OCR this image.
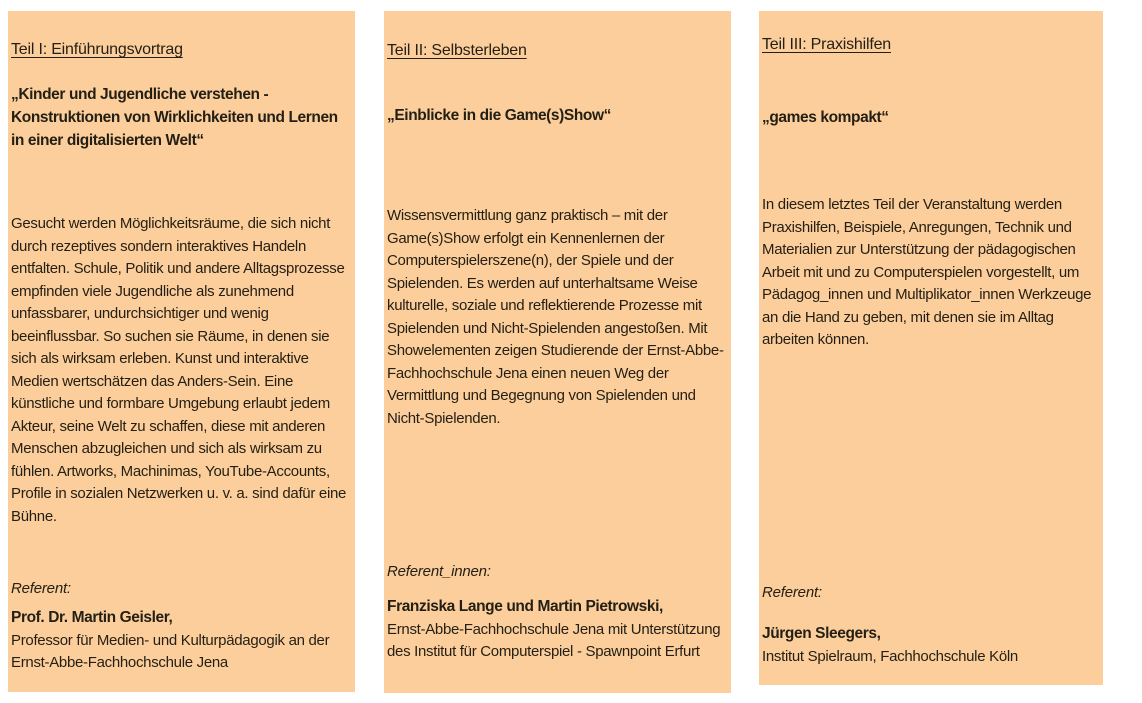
Teil I: Einführungsvortrag
„Kinder und Jugendliche verstehen - Konstruktionen von Wirklichkeiten und Lernen in einer digitalisierten Welt“

Gesucht werden Möglichkeitsräume, die sich nicht durch rezeptives sondern interaktives Handeln entfalten. Schule, Politik und andere Alltagsprozesse empfinden viele Jugendliche als zunehmend unfassbarer, undurchsichtiger und wenig beeinflussbar. So suchen sie Räume, in denen sie sich als wirksam erleben. Kunst und interaktive Medien wertschätzen das Anders-Sein. Eine künstliche und formbare Umgebung erlaubt jedem Akteur, seine Welt zu schaffen, diese mit anderen Menschen abzugleichen und sich als wirksam zu fühlen. Artworks, Machinimas, YouTube-Accounts, Profile in sozialen Netzwerken u. v. a. sind dafür eine Bühne.

Referent:

Prof. Dr. Martin Geisler,
Professor für Medien- und Kulturpädagogik an der Ernst-Abbe-Fachhochschule Jena

Teil II: Selbsterleben
„Einblicke in die Game(s)Show“

Wissensvermittlung ganz praktisch – mit der Game(s)Show erfolgt ein Kennenlernen der Computerspielerszene(n), der Spiele und der Spielenden. Es werden auf unterhaltsame Weise kulturelle, soziale und reflektierende Prozesse mit Spielenden und Nicht-Spielenden angestoßen. Mit Showelementen zeigen Studierende der Ernst-Abbe-Fachhochschule Jena einen neuen Weg der Vermittlung und Begegnung von Spielenden und Nicht-Spielenden.

Referent_innen:

Franziska Lange und Martin Pietrowski,
Ernst-Abbe-Fachhochschule Jena mit Unterstützung des Institut für Computerspiel - Spawnpoint Erfurt

Teil III: Praxishilfen
„games kompakt“

In diesem letztes Teil der Veranstaltung werden Praxishilfen, Beispiele, Anregungen, Technik und Materialien zur Unterstützung der pädagogischen Arbeit mit und zu Computerspielen vorgestellt, um Pädagog_innen und Multiplikator_innen Werkzeuge an die Hand zu geben, mit denen sie im Alltag arbeiten können.

Referent:

Jürgen Sleegers,
Institut Spielraum, Fachhochschule Köln
